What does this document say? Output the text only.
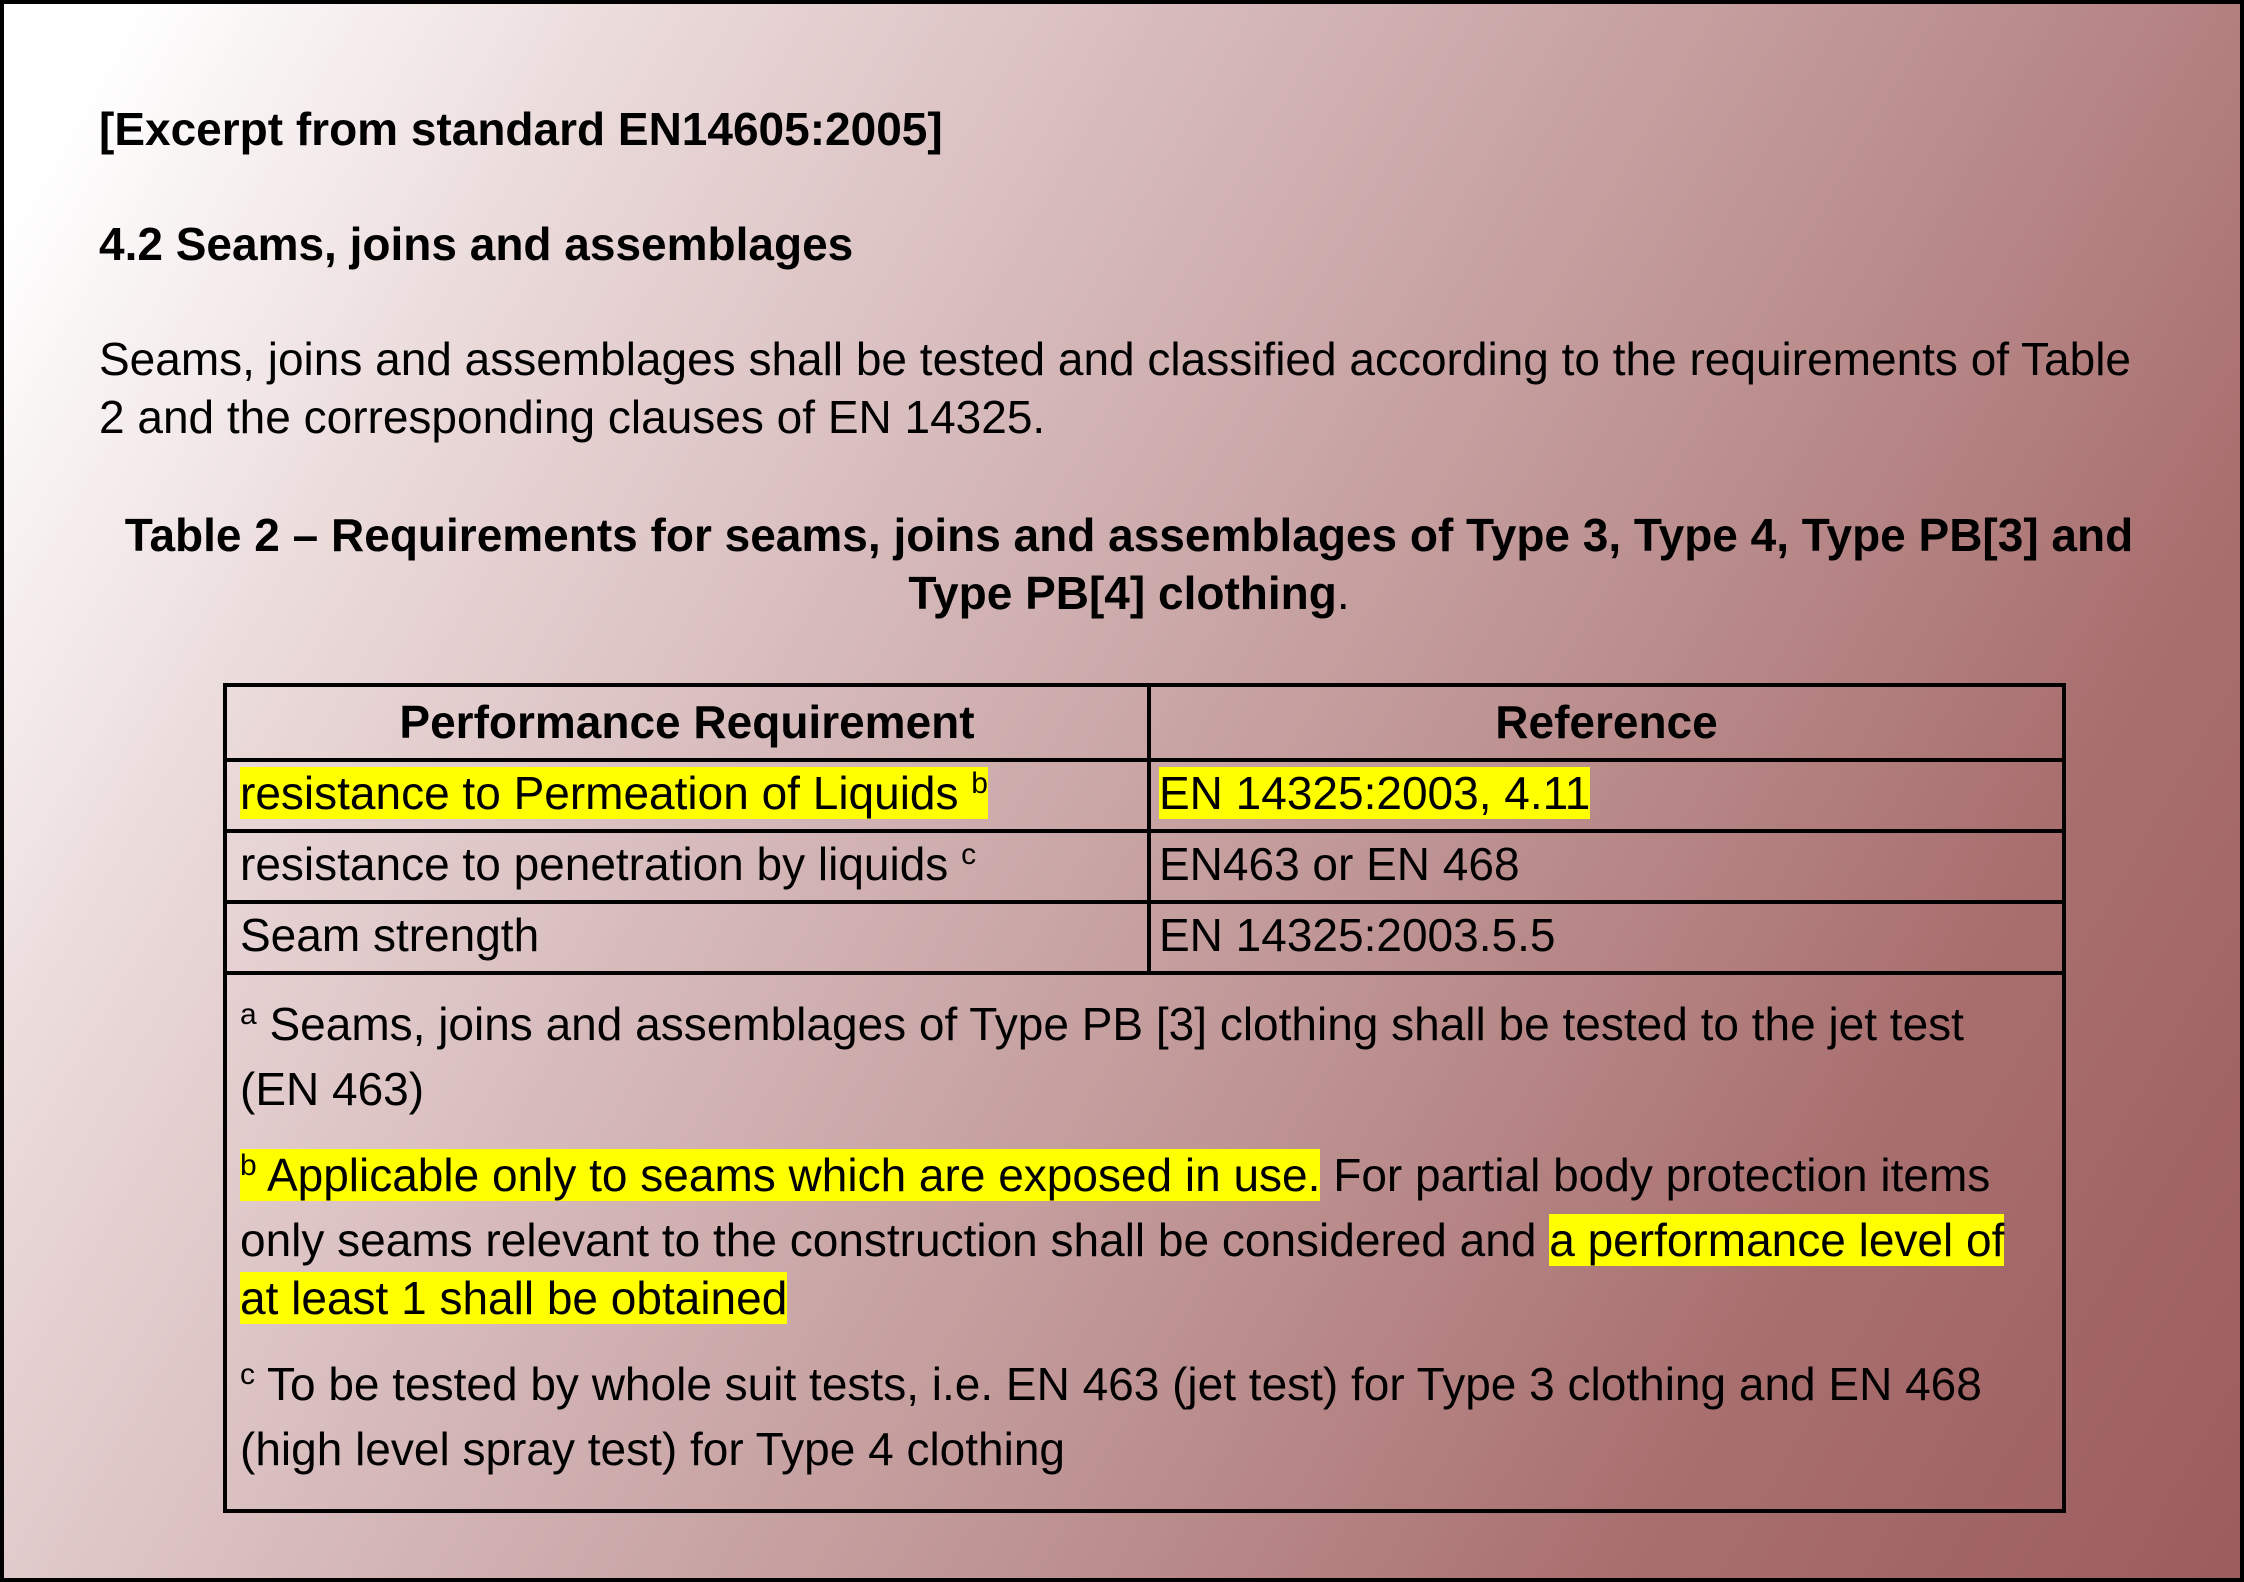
[Excerpt from standard EN14605:2005]
4.2 Seams, joins and assemblages
Seams, joins and assemblages shall be tested and classified according to the requirements of Table 2 and the corresponding clauses of EN 14325.
Table 2 – Requirements for seams, joins and assemblages of Type 3, Type 4, Type PB[3] and Type PB[4] clothing.
Performance Requirement	Reference
resistance to Permeation of Liquids $^b$	EN 14325:2003, 4.11
resistance to penetration by liquids $^c$	EN463 or EN 468
Seam strength	EN 14325:2003.5.5
$^a$ Seams, joins and assemblages of Type PB [3] clothing shall be tested to the jet test (EN 463)
$^b$ Applicable only to seams which are exposed in use. For partial body protection items only seams relevant to the construction shall be considered and a performance level of at least 1 shall be obtained
$^c$ To be tested by whole suit tests, i.e. EN 463 (jet test) for Type 3 clothing and EN 468 (high level spray test) for Type 4 clothing
